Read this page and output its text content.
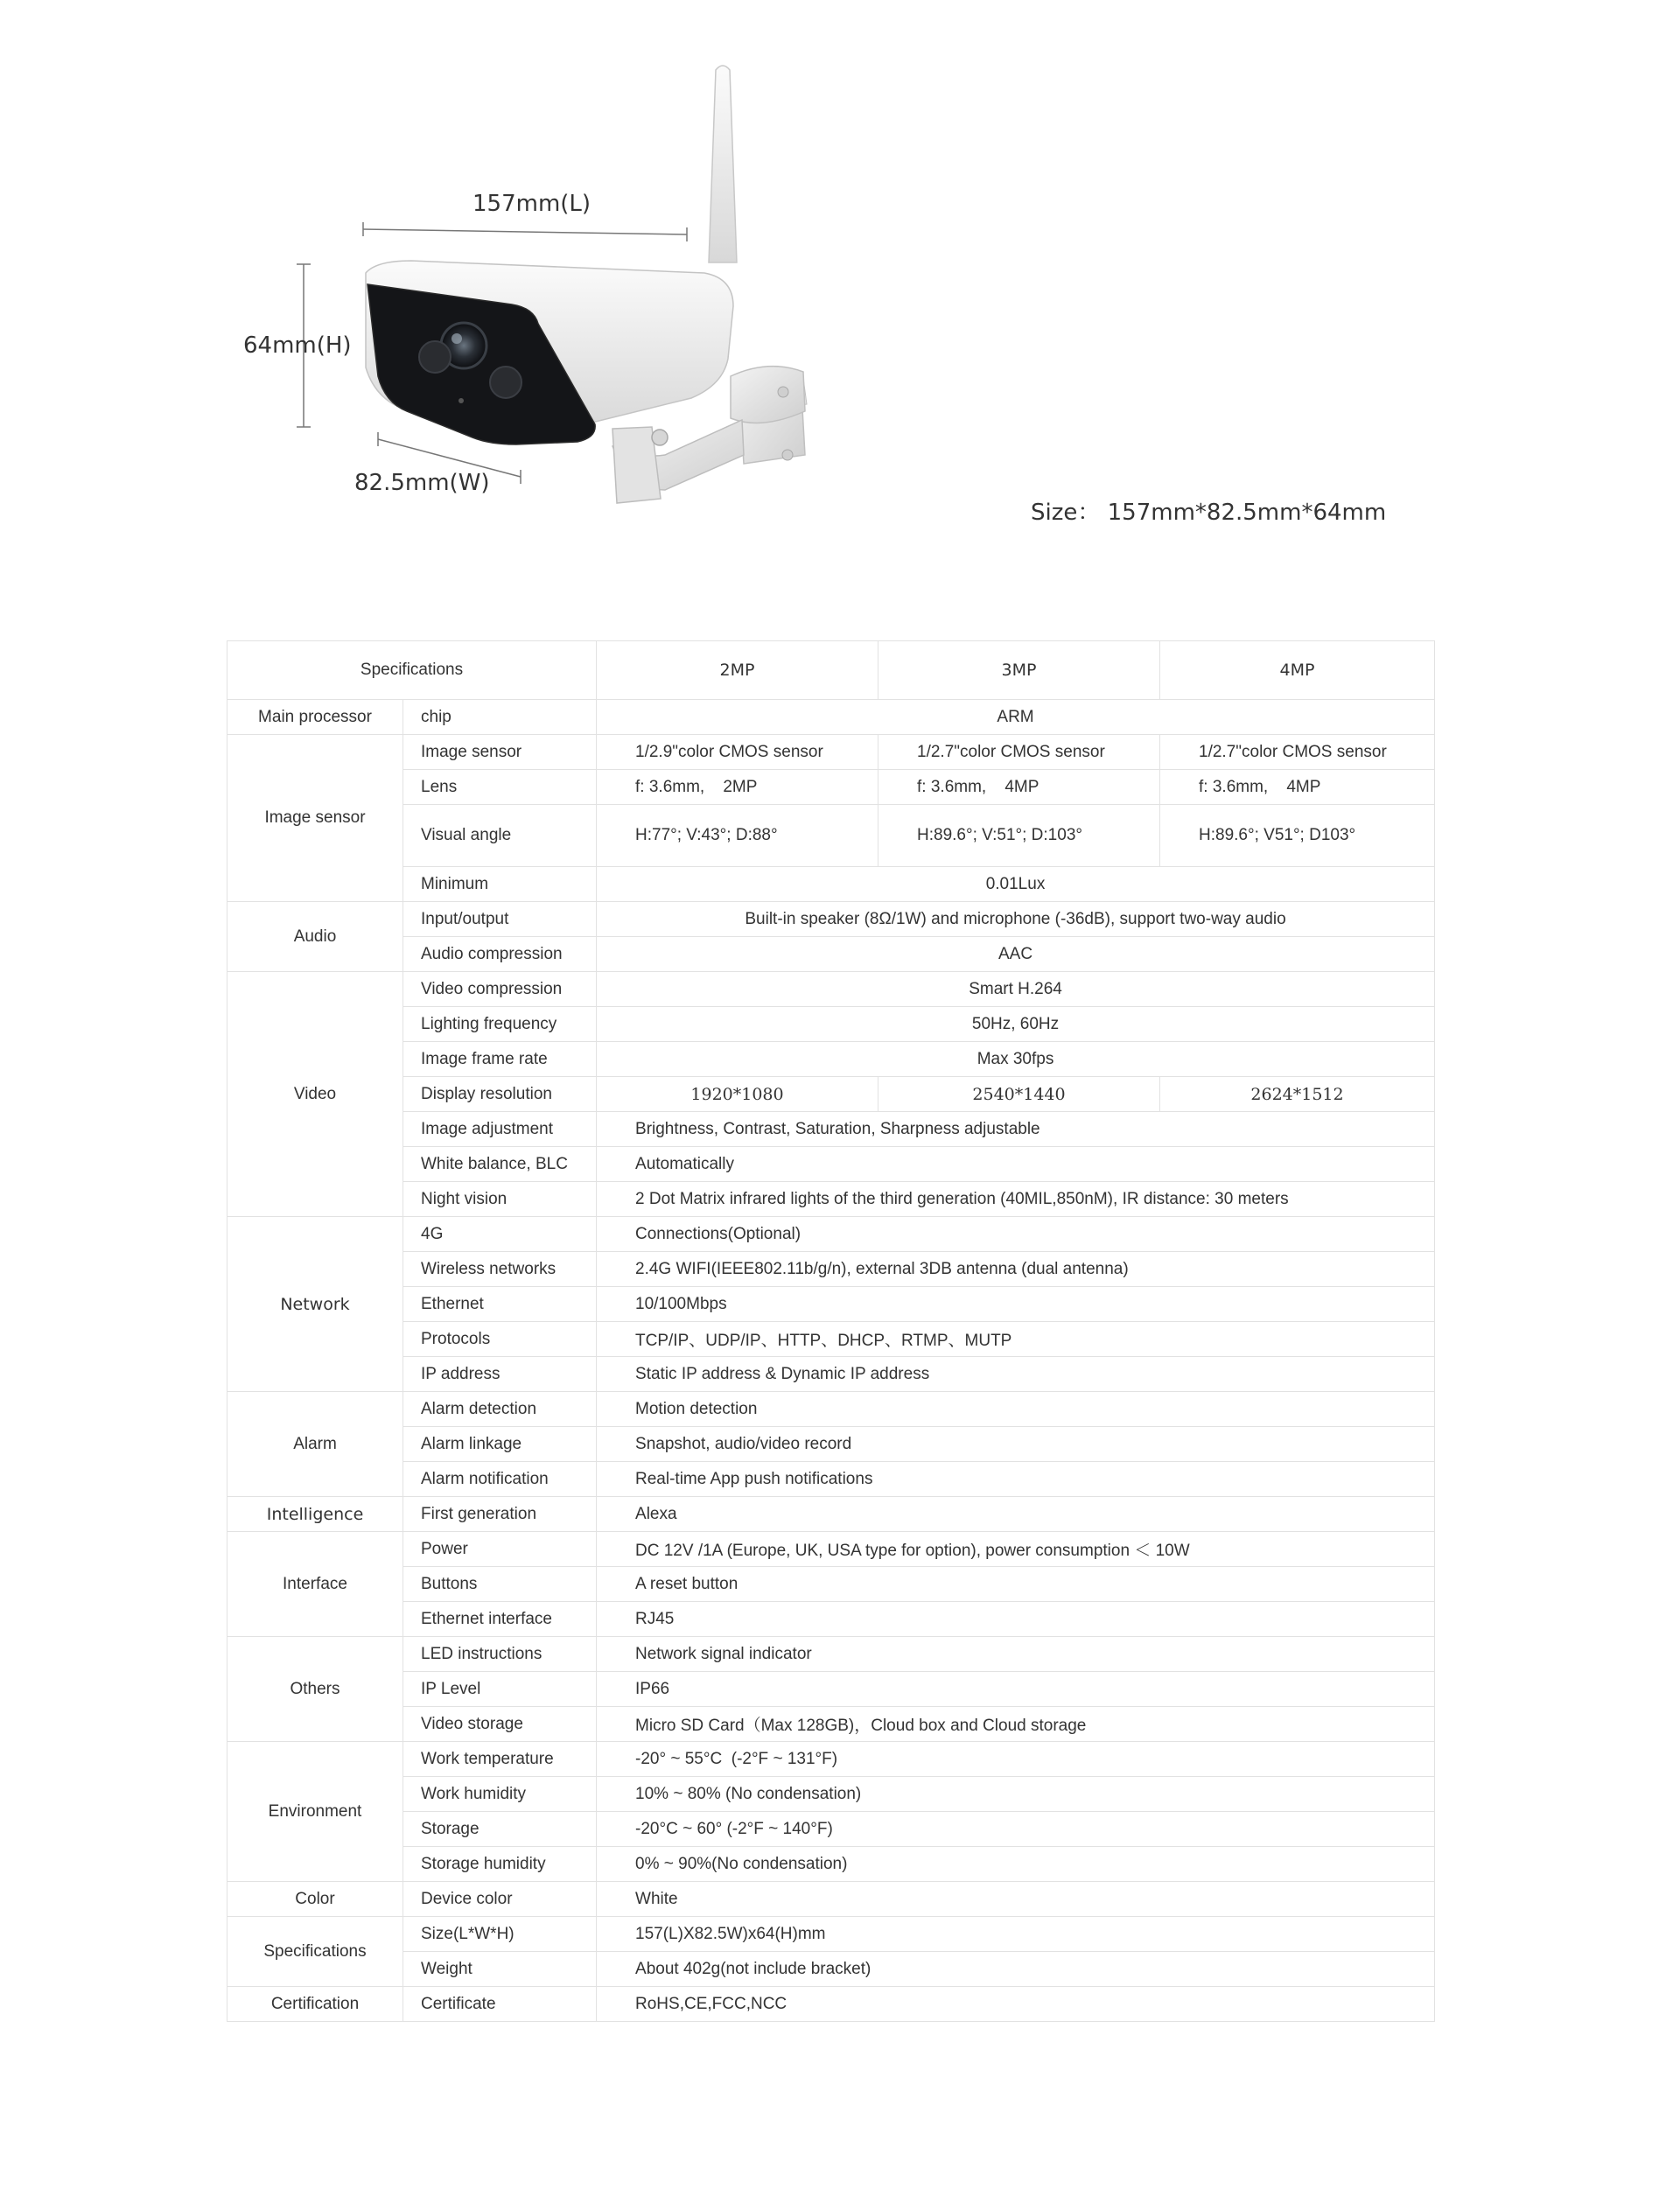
157mm(L)
64mm(H)
82.5mm(W)
Size： 157mm*82.5mm*64mm
Specifications		2MP	3MP	4MP
Main processor	chip	ARM		
Image sensor	Image sensor	1/2.9"color CMOS sensor	1/2.7"color CMOS sensor	1/2.7"color CMOS sensor
	Lens	f: 3.6mm,    2MP	f: 3.6mm,    4MP	f: 3.6mm,    4MP
	Visual angle	H:77°; V:43°; D:88°	H:89.6°; V:51°; D:103°	H:89.6°; V51°; D103°
	Minimum	0.01Lux		
Audio	Input/output	Built-in speaker (8Ω/1W) and microphone (-36dB), support two-way audio		
	Audio compression	AAC		
Video	Video compression	Smart H.264		
	Lighting frequency	50Hz, 60Hz		
	Image frame rate	Max 30fps		
	Display resolution	1920*1080	2540*1440	2624*1512
	Image adjustment	Brightness, Contrast, Saturation, Sharpness adjustable		
	White balance, BLC	Automatically		
	Night vision	2 Dot Matrix infrared lights of the third generation (40MIL,850nM), IR distance: 30 meters		
Network	4G	Connections(Optional)		
	Wireless networks	2.4G WIFI(IEEE802.11b/g/n), external 3DB antenna (dual antenna)		
	Ethernet	10/100Mbps		
	Protocols	TCP/IP、UDP/IP、HTTP、DHCP、RTMP、MUTP		
	IP address	Static IP address & Dynamic IP address		
Alarm	Alarm detection	Motion detection		
	Alarm linkage	Snapshot, audio/video record		
	Alarm notification	Real-time App push notifications		
Intelligence	First generation	Alexa		
Interface	Power	DC 12V /1A (Europe, UK, USA type for option), power consumption ＜ 10W		
	Buttons	A reset button		
	Ethernet interface	RJ45		
Others	LED instructions	Network signal indicator		
	IP Level	IP66		
	Video storage	Micro SD Card（Max 128GB)，Cloud box and Cloud storage		
Environment	Work temperature	-20° ~ 55°C  (-2°F ~ 131°F)		
	Work humidity	10% ~ 80% (No condensation)		
	Storage	-20°C ~ 60° (-2°F ~ 140°F)		
	Storage humidity	0% ~ 90%(No condensation)		
Color	Device color	White		
Specifications	Size(L*W*H)	157(L)X82.5W)x64(H)mm		
	Weight	About 402g(not include bracket)		
Certification	Certificate	RoHS,CE,FCC,NCC		
